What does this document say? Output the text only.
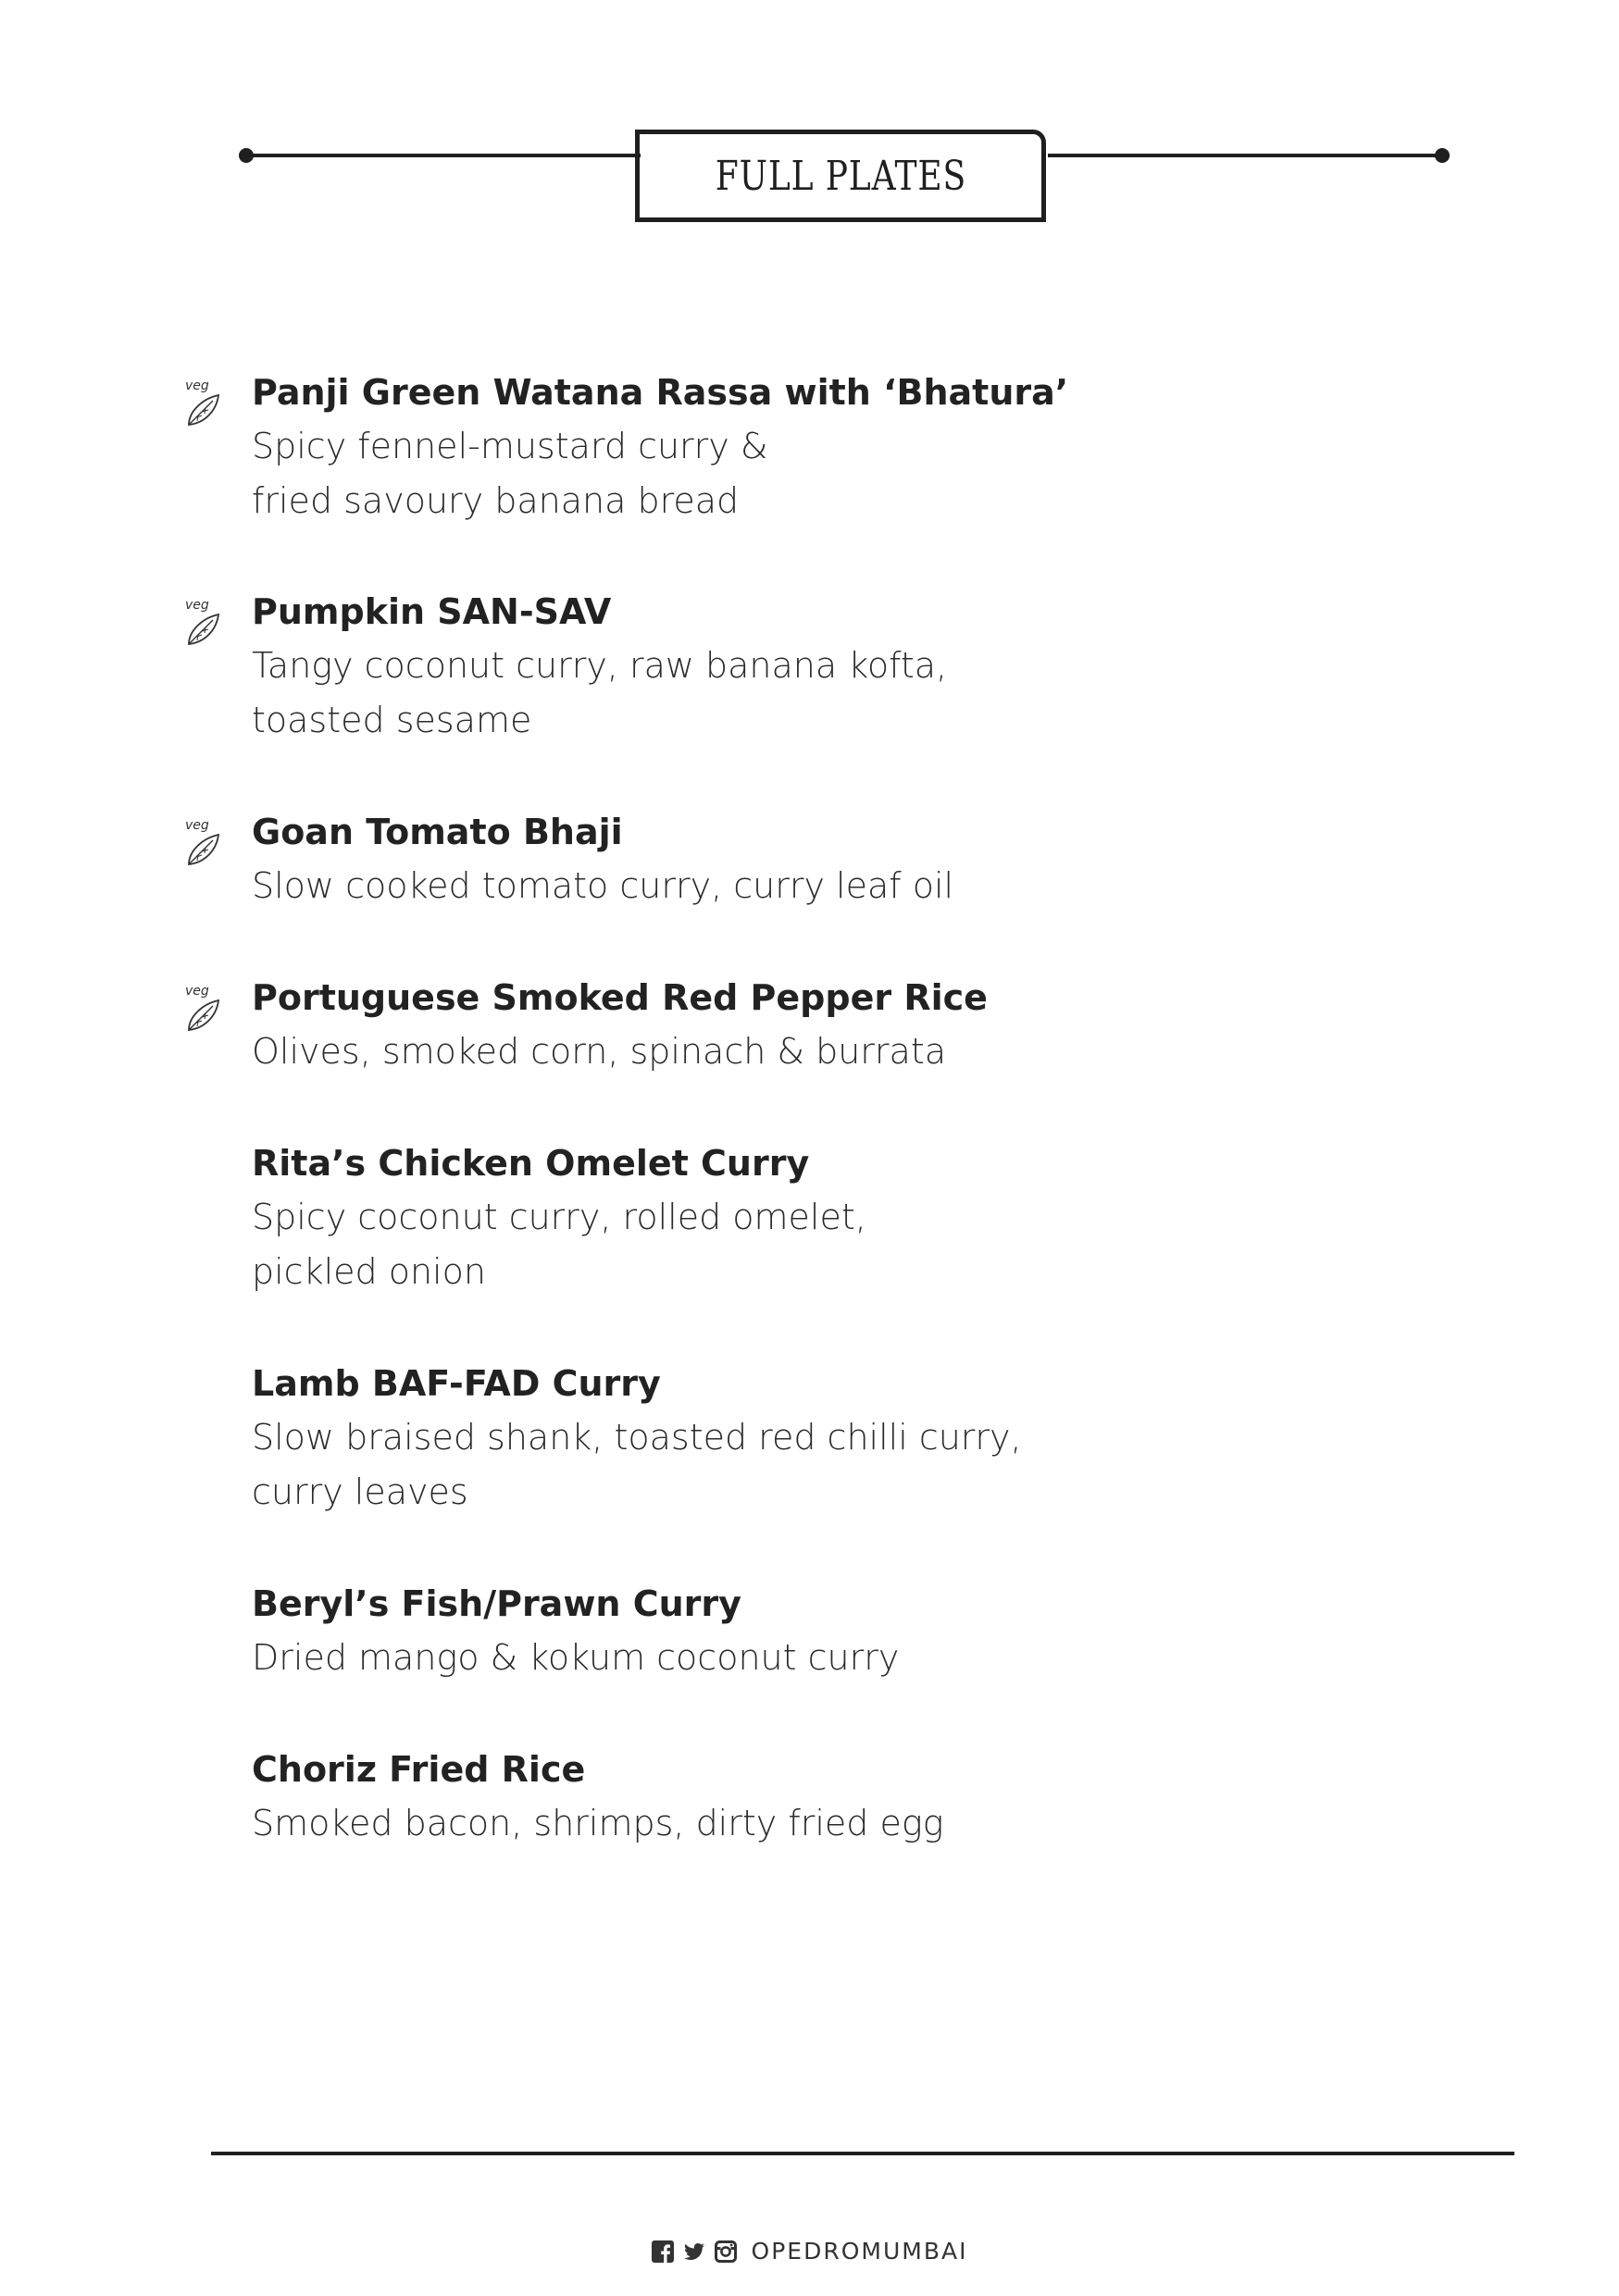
FULL PLATES
veg Panji Green Watana Rassa with ‘Bhatura’
Spicy fennel-mustard curry &
fried savoury banana bread
veg Pumpkin SAN-SAV
Tangy coconut curry, raw banana kofta,
toasted sesame
veg Goan Tomato Bhaji
Slow cooked tomato curry, curry leaf oil
veg Portuguese Smoked Red Pepper Rice
Olives, smoked corn, spinach & burrata
Rita’s Chicken Omelet Curry
Spicy coconut curry, rolled omelet,
pickled onion
Lamb BAF-FAD Curry
Slow braised shank, toasted red chilli curry,
curry leaves
Beryl’s Fish/Prawn Curry
Dried mango & kokum coconut curry
Choriz Fried Rice
Smoked bacon, shrimps, dirty fried egg
OPEDROMUMBAI
